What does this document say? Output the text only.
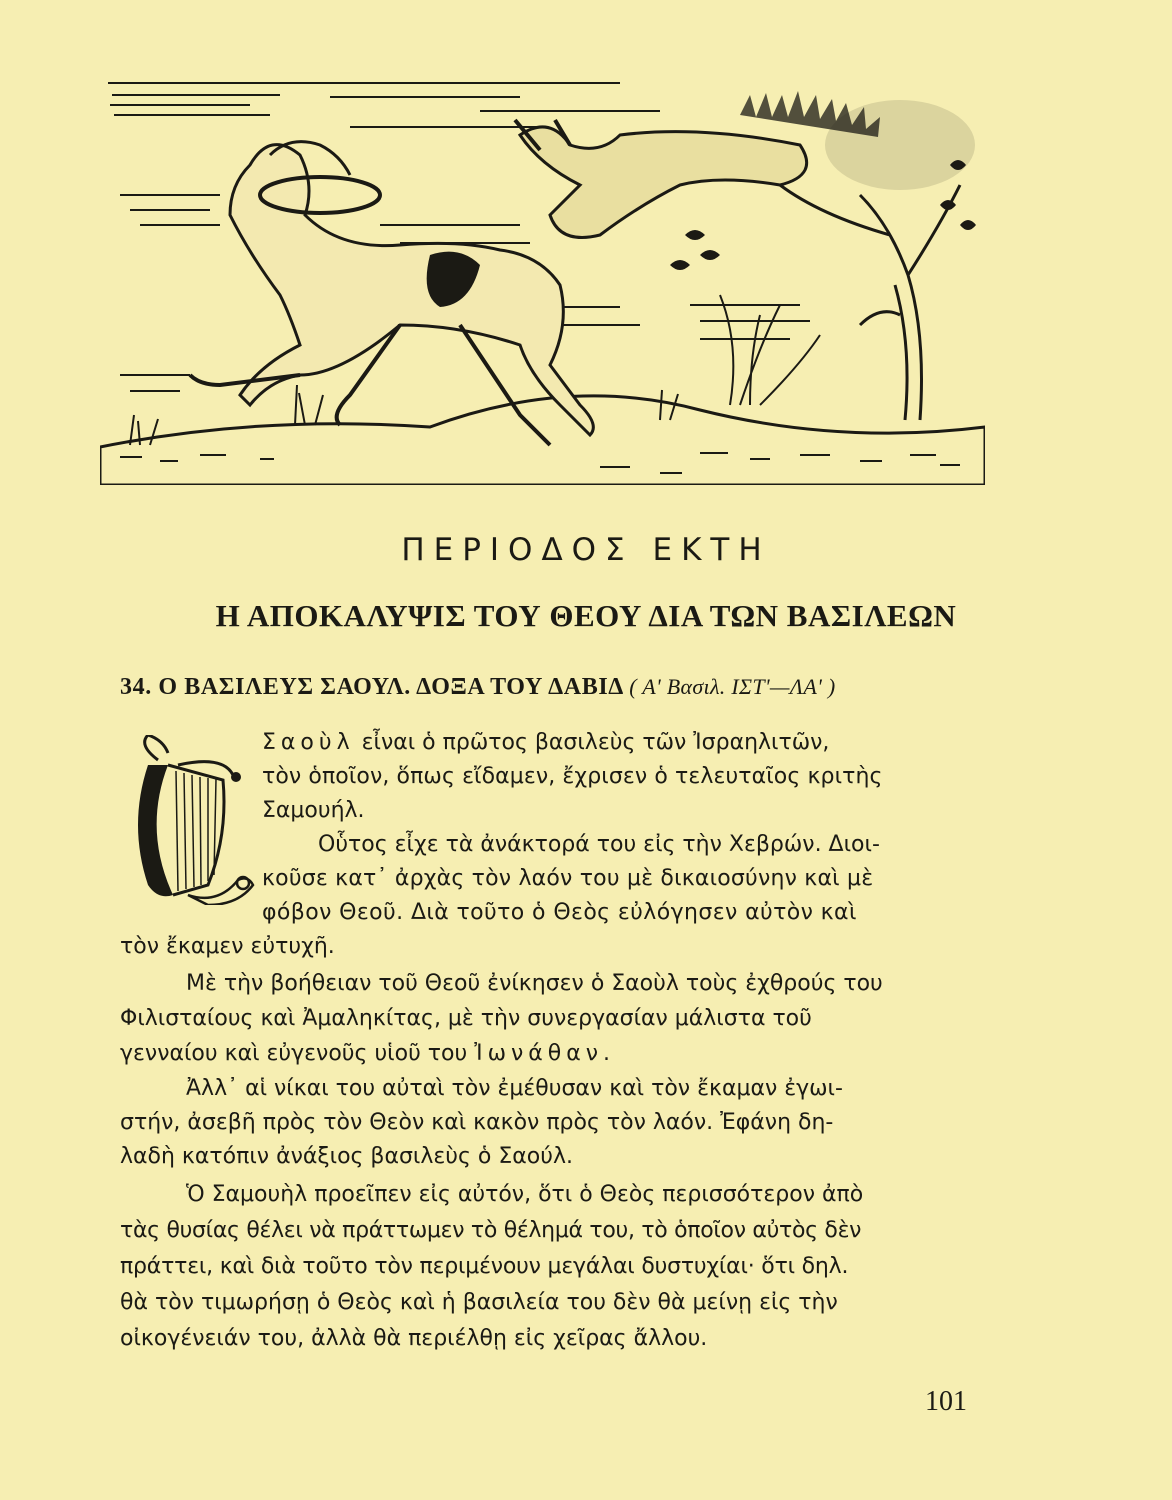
ΠΕΡΙΟΔΟΣ ΕΚΤΗ
Η ΑΠΟΚΑΛΥΨΙΣ ΤΟΥ ΘΕΟΥ ΔΙΑ ΤΩΝ ΒΑΣΙΛΕΩΝ
34. Ο ΒΑΣΙΛΕΥΣ ΣΑΟΥΛ. ΔΟΞΑ ΤΟΥ ΔΑΒΙΔ ( Α' Βασιλ. ΙΣΤ'—ΛΑ' )
Σαοὺλ εἶναι ὁ πρῶτος βασιλεὺς τῶν Ἰσραηλιτῶν,
τὸν ὁποῖον, ὅπως εἴδαμεν, ἔχρισεν ὁ τελευταῖος κριτὴς
Σαμουήλ.
Οὗτος εἶχε τὰ ἀνάκτορά του εἰς τὴν Χεβρών. Διοι-
κοῦσε κατ᾽ ἀρχὰς τὸν λαόν του μὲ δικαιοσύνην καὶ μὲ
φόβον Θεοῦ. Διὰ τοῦτο ὁ Θεὸς εὐλόγησεν αὐτὸν καὶ
τὸν ἔκαμεν εὐτυχῆ.
Μὲ τὴν βοήθειαν τοῦ Θεοῦ ἐνίκησεν ὁ Σαοὺλ τοὺς ἐχθρούς του
Φιλισταίους καὶ Ἀμαληκίτας, μὲ τὴν συνεργασίαν μάλιστα τοῦ
γενναίου καὶ εὐγενοῦς υἱοῦ του Ἰωνάθαν.
Ἀλλ᾽ αἱ νίκαι του αὐταὶ τὸν ἐμέθυσαν καὶ τὸν ἔκαμαν ἐγωι-
στήν, ἀσεβῆ πρὸς τὸν Θεὸν καὶ κακὸν πρὸς τὸν λαόν. Ἐφάνη δη-
λαδὴ κατόπιν ἀνάξιος βασιλεὺς ὁ Σαούλ.
Ὁ Σαμουὴλ προεῖπεν εἰς αὐτόν, ὅτι ὁ Θεὸς περισσότερον ἀπὸ
τὰς θυσίας θέλει νὰ πράττωμεν τὸ θέλημά του, τὸ ὁποῖον αὐτὸς δὲν
πράττει, καὶ διὰ τοῦτο τὸν περιμένουν μεγάλαι δυστυχίαι· ὅτι δηλ.
θὰ τὸν τιμωρήσῃ ὁ Θεὸς καὶ ἡ βασιλεία του δὲν θὰ μείνῃ εἰς τὴν
οἰκογένειάν του, ἀλλὰ θὰ περιέλθῃ εἰς χεῖρας ἄλλου.
101
